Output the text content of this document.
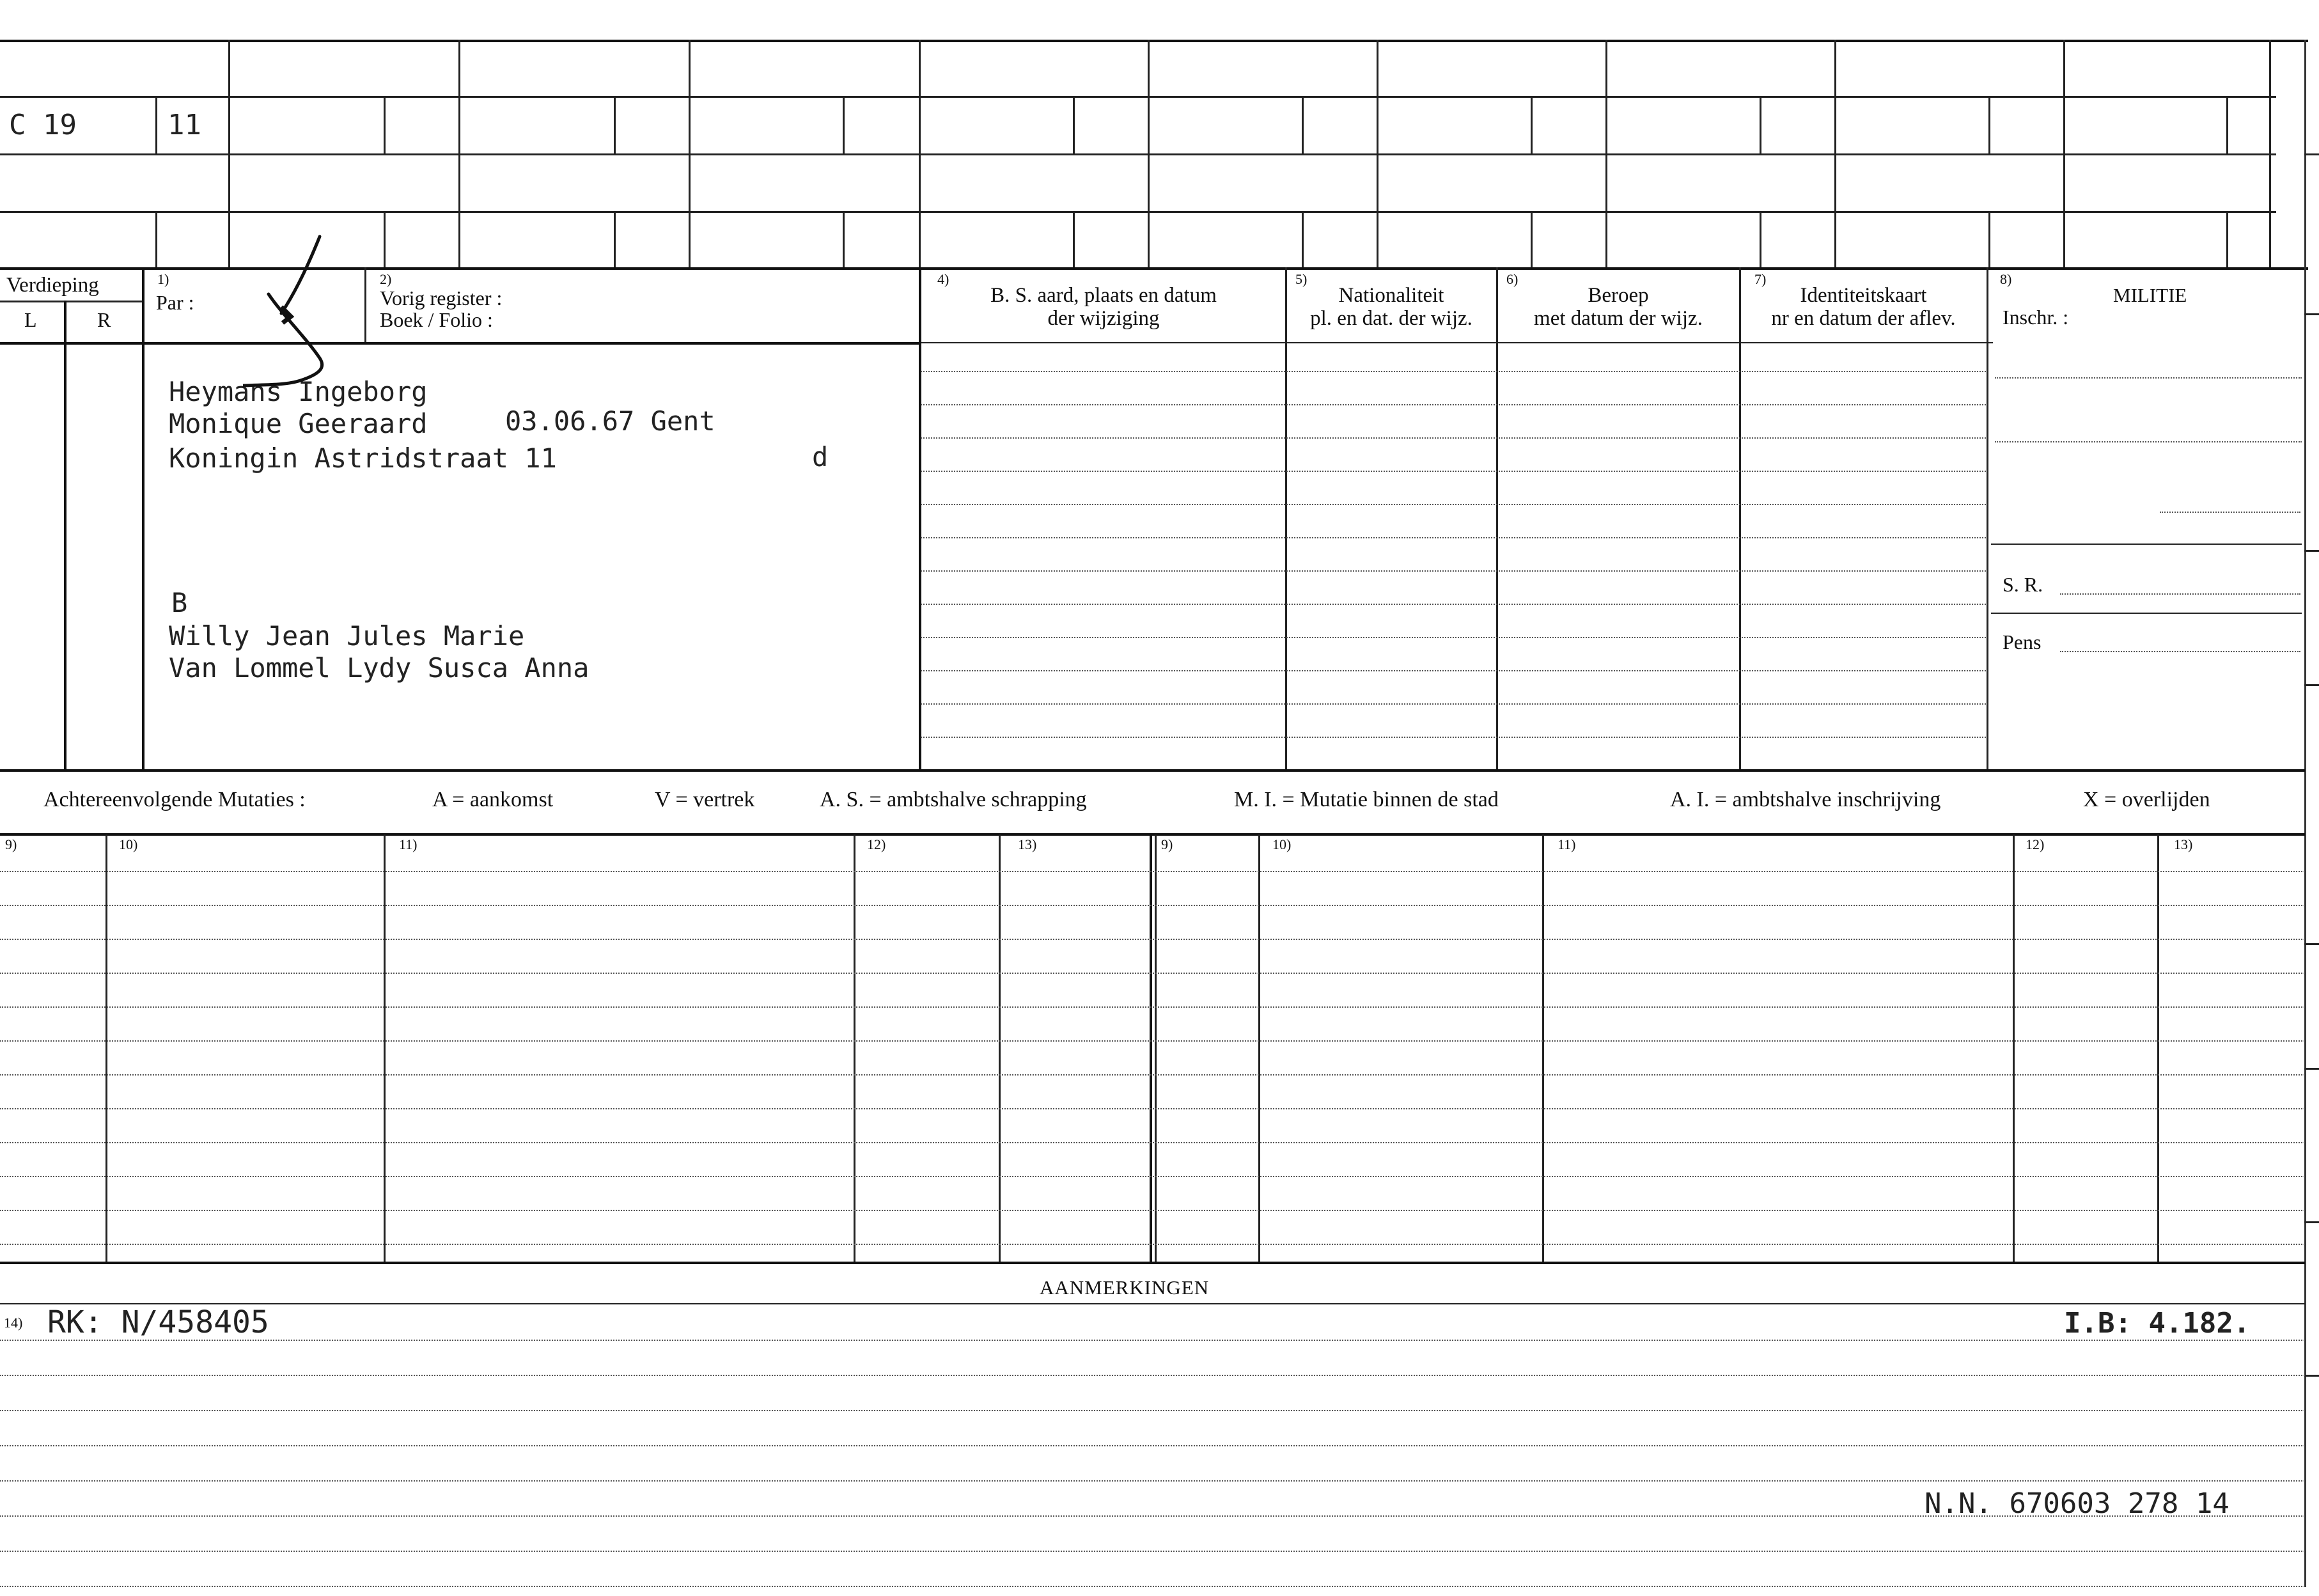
C 19	11
Verdieping
L	R
1)
Par :
2)
Vorig register :
Boek / Folio :
4)
B. S. aard, plaats en datum
der wijziging
5)
Nationaliteit
pl. en dat. der wijz.
6)
Beroep
met datum der wijz.
7)
Identiteitskaart
nr en datum der aflev.
8)
MILITIE
Inschr. :
S. R.
Pens
Heymans Ingeborg
Monique Geeraard	03.06.67 Gent
Koningin Astridstraat 11	d
B
Willy Jean Jules Marie
Van Lommel Lydy Susca Anna
Achtereenvolgende Mutaties :	A = aankomst	V = vertrek	A. S. = ambtshalve schrapping	M. I. = Mutatie binnen de stad	A. I. = ambtshalve inschrijving	X = overlijden
9)	10)	11)	12)	13)	9)	10)	11)	12)	13)
AANMERKINGEN
14) RK: N/458405	I.B: 4.182.
N.N. 670603 278 14
